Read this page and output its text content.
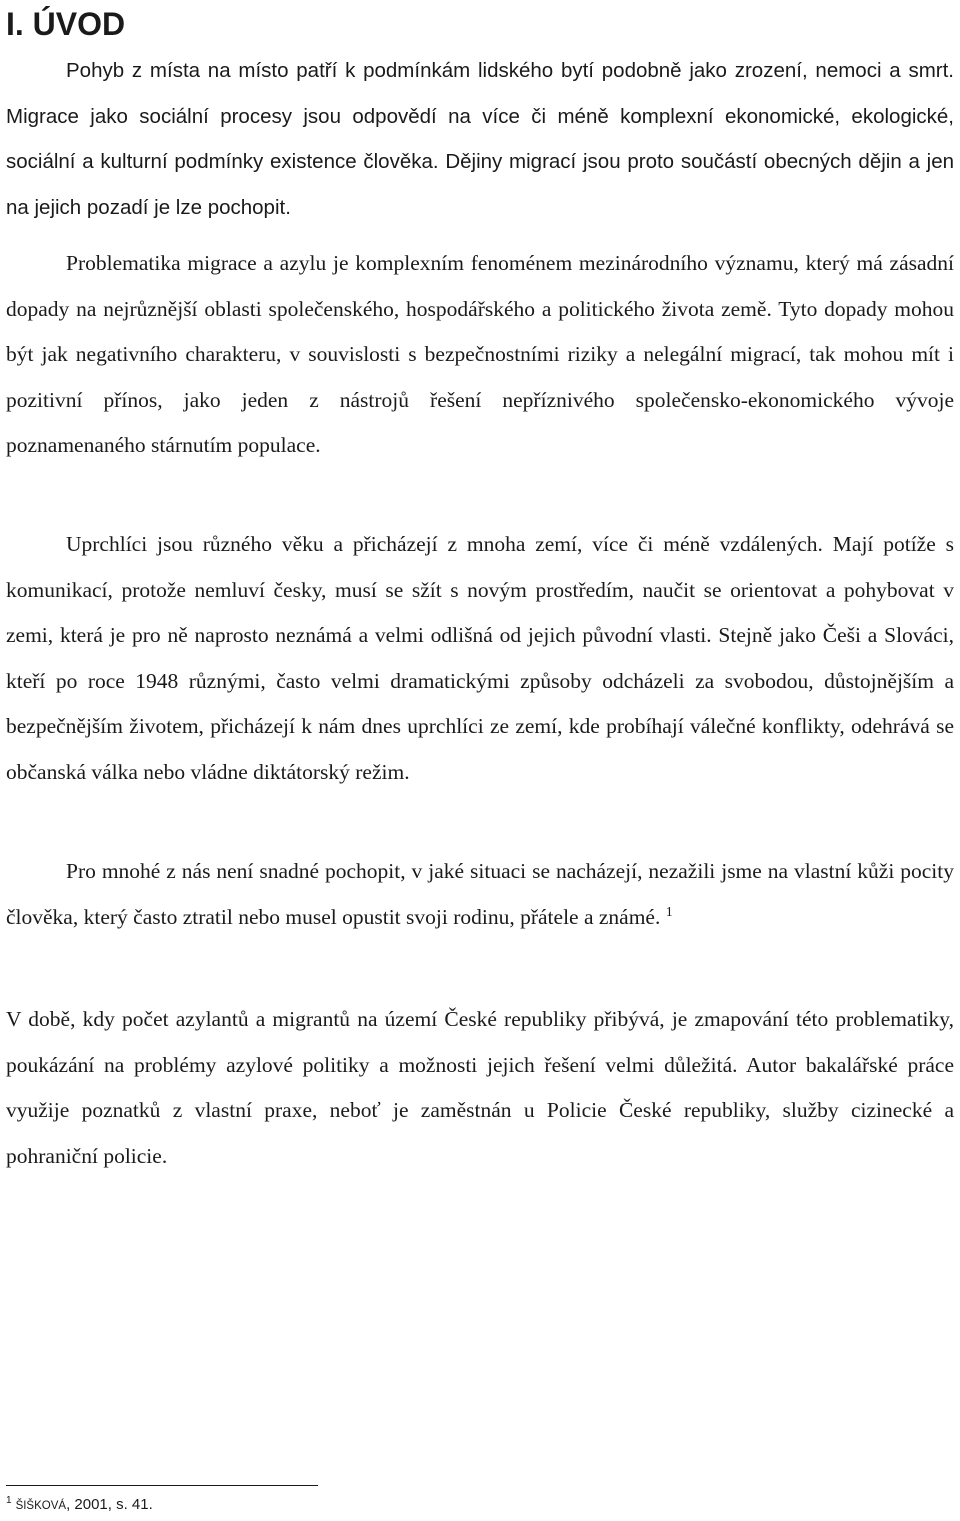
I. ÚVOD

Pohyb z místa na místo patří k podmínkám lidského bytí podobně jako zrození, nemoci a smrt. Migrace jako sociální procesy jsou odpovědí na více či méně komplexní ekonomické, ekologické, sociální a kulturní podmínky existence člověka. Dějiny migrací jsou proto součástí obecných dějin a jen na jejich pozadí je lze pochopit.

Problematika migrace a azylu je komplexním fenoménem mezinárodního významu, který má zásadní dopady na nejrůznější oblasti společenského, hospodářského a politického života země. Tyto dopady mohou být jak negativního charakteru, v souvislosti s bezpečnostními riziky a nelegální migrací, tak mohou mít i pozitivní přínos, jako jeden z nástrojů řešení nepříznivého společensko-ekonomického vývoje poznamenaného stárnutím populace.

Uprchlíci jsou různého věku a přicházejí z mnoha zemí, více či méně vzdálených. Mají potíže s komunikací, protože nemluví česky, musí se sžít s novým prostředím, naučit se orientovat a pohybovat v zemi, která je pro ně naprosto neznámá a velmi odlišná od jejich původní vlasti. Stejně jako Češi a Slováci, kteří po roce 1948 různými, často velmi dramatickými způsoby odcházeli za svobodou, důstojnějším a bezpečnějším životem, přicházejí k nám dnes uprchlíci ze zemí, kde probíhají válečné konflikty, odehrává se občanská válka nebo vládne diktátorský režim.

Pro mnohé z nás není snadné pochopit, v jaké situaci se nacházejí, nezažili jsme na vlastní kůži pocity člověka, který často ztratil nebo musel opustit svoji rodinu, přátele a známé. $^1$

V době, kdy počet azylantů a migrantů na území České republiky přibývá, je zmapování této problematiky, poukázání na problémy azylové politiky a možnosti jejich řešení velmi důležitá. Autor bakalářské práce využije poznatků z vlastní praxe, neboť je zaměstnán u Policie České republiky, služby cizinecké a pohraniční policie.

$^1$ ŠIŠKOVÁ, 2001, s. 41.
